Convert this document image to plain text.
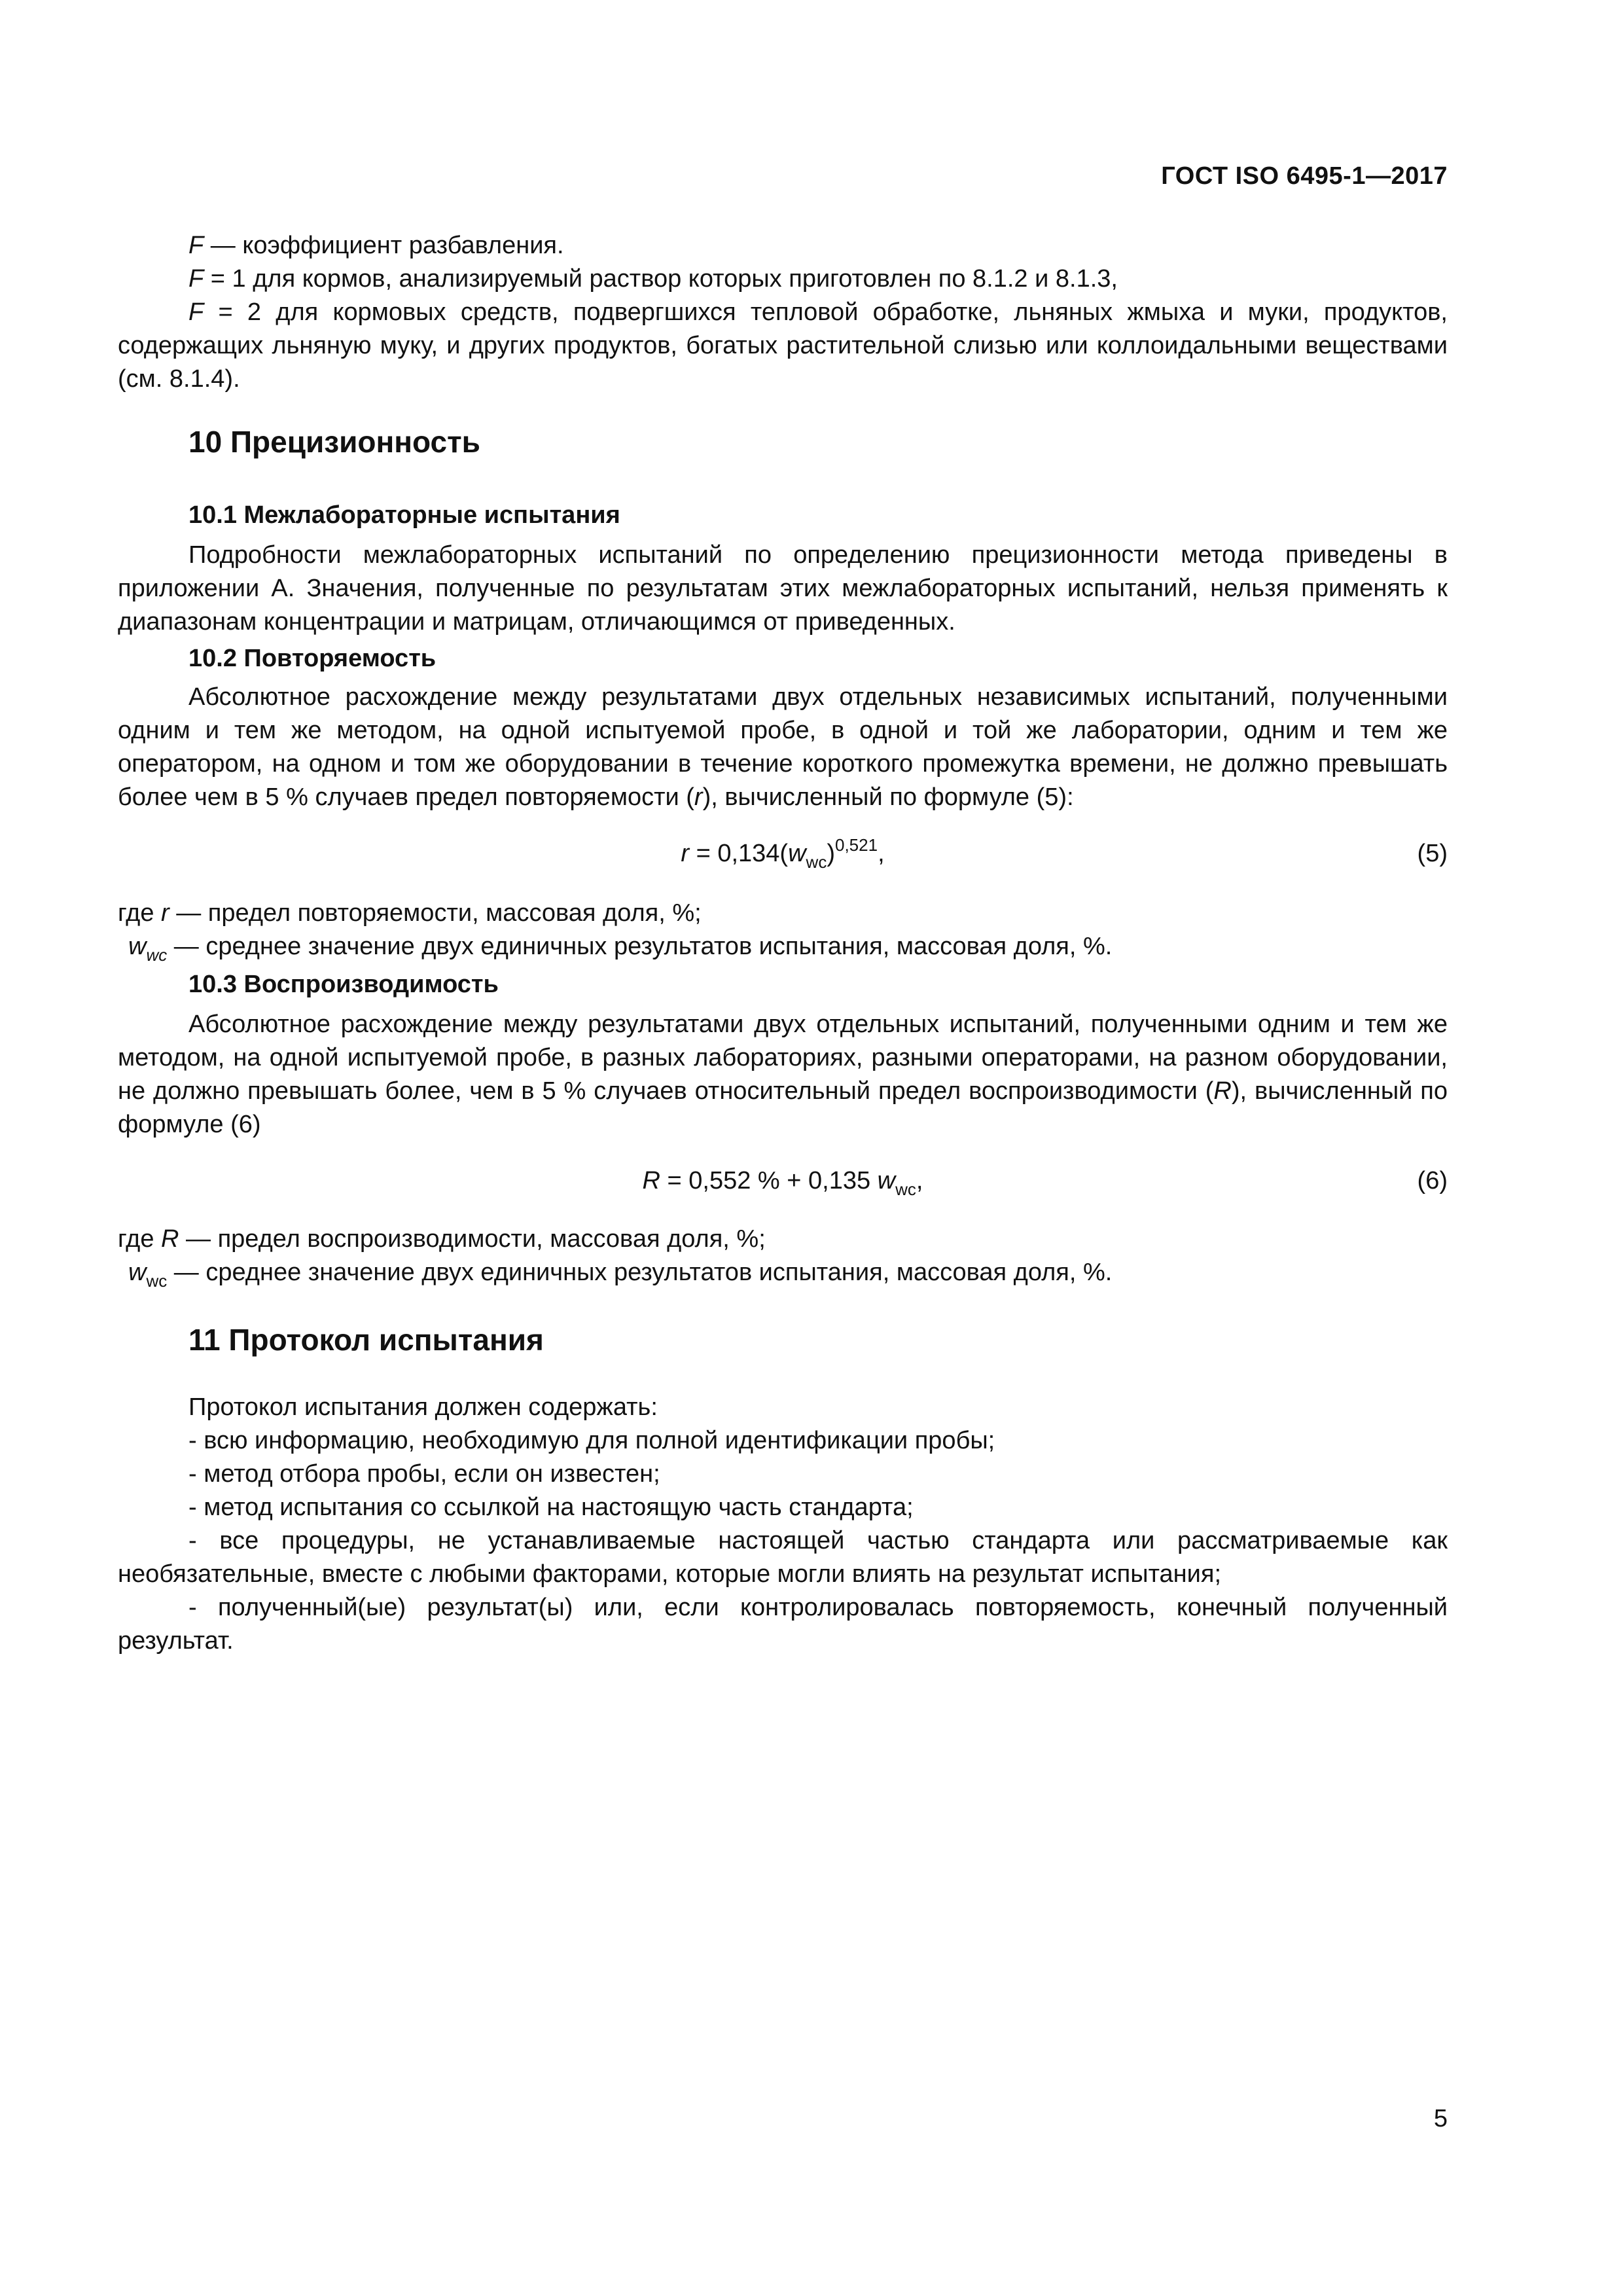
ГОСТ ISO 6495-1—2017

F — коэффициент разбавления.

F = 1 для кормов, анализируемый раствор которых приготовлен по 8.1.2 и 8.1.3,

F = 2 для кормовых средств, подвергшихся тепловой обработке, льняных жмыха и муки, продуктов, содержащих льняную муку, и других продуктов, богатых растительной слизью или коллоидальными веществами (см. 8.1.4).

10 Прецизионность
10.1 Межлабораторные испытания

Подробности межлабораторных испытаний по определению прецизионности метода приведены в приложении А. Значения, полученные по результатам этих межлабораторных испытаний, нельзя применять к диапазонам концентрации и матрицам, отличающимся от приведенных.

10.2 Повторяемость

Абсолютное расхождение между результатами двух отдельных независимых испытаний, полученными одним и тем же методом, на одной испытуемой пробе, в одной и той же лаборатории, одним и тем же оператором, на одном и том же оборудовании в течение короткого промежутка времени, не должно превышать более чем в 5 % случаев предел повторяемости (r), вычисленный по формуле (5):

$r = 0,134(w_{wc})^{0,521}$,	(5)
где r — предел повторяемости, массовая доля, %;
$w_{wc}$ — среднее значение двух единичных результатов испытания, массовая доля, %.
10.3 Воспроизводимость

Абсолютное расхождение между результатами двух отдельных испытаний, полученными одним и тем же методом, на одной испытуемой пробе, в разных лабораториях, разными операторами, на разном оборудовании, не должно превышать более, чем в 5 % случаев относительный предел воспроизводимости (R), вычисленный по формуле (6)

R = 0,552 % + 0,135 $w_{wc}$,	(6)
где R — предел воспроизводимости, массовая доля, %;
$w_{wc}$ — среднее значение двух единичных результатов испытания, массовая доля, %.
11 Протокол испытания

Протокол испытания должен содержать:

- всю информацию, необходимую для полной идентификации пробы;

- метод отбора пробы, если он известен;

- метод испытания со ссылкой на настоящую часть стандарта;

- все процедуры, не устанавливаемые настоящей частью стандарта или рассматриваемые как необязательные, вместе с любыми факторами, которые могли влиять на результат испытания;

- полученный(ые) результат(ы) или, если контролировалась повторяемость, конечный полученный результат.

5
